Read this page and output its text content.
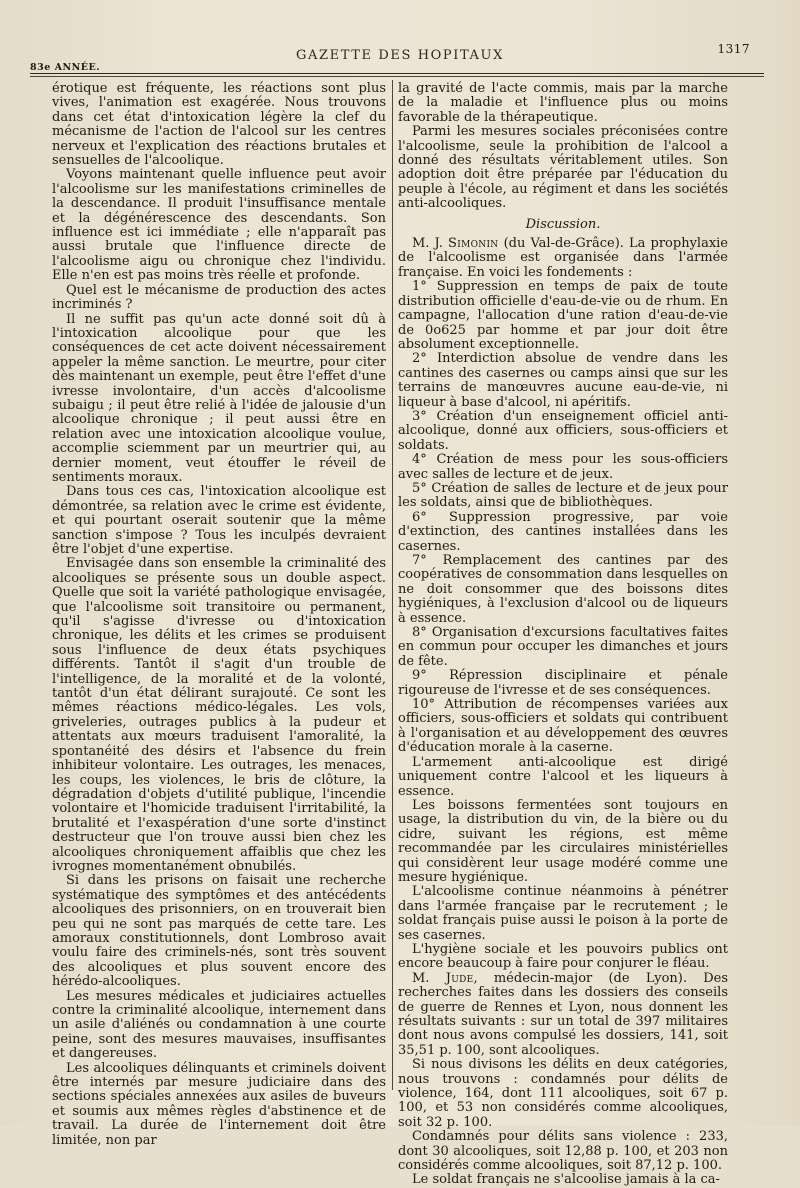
83e ANNÉE.
GAZETTE DES HOPITAUX	1317

érotique est fréquente, les réactions sont plus vives, l'animation est exagérée. Nous trouvons dans cet état d'intoxication légère la clef du mécanisme de l'action de l'alcool sur les centres nerveux et l'explication des réactions brutales et sensuelles de l'alcoolique.

Voyons maintenant quelle influence peut avoir l'alcoolisme sur les manifestations criminelles de la descendance. Il produit l'insuffisance mentale et la dégénérescence des descendants. Son influence est ici immédiate ; elle n'apparaît pas aussi brutale que l'influence directe de l'alcoolisme aigu ou chronique chez l'individu. Elle n'en est pas moins très réelle et profonde.

Quel est le mécanisme de production des actes incriminés ?

Il ne suffit pas qu'un acte donné soit dû à l'intoxication alcoolique pour que les conséquences de cet acte doivent nécessairement appeler la même sanction. Le meurtre, pour citer dès maintenant un exemple, peut être l'effet d'une ivresse involontaire, d'un accès d'alcoolisme subaigu ; il peut être relié à l'idée de jalousie d'un alcoolique chronique ; il peut aussi être en relation avec une intoxication alcoolique voulue, accomplie sciemment par un meurtrier qui, au dernier moment, veut étouffer le réveil de sentiments moraux.

Dans tous ces cas, l'intoxication alcoolique est démontrée, sa relation avec le crime est évidente, et qui pourtant oserait soutenir que la même sanction s'impose ? Tous les inculpés devraient être l'objet d'une expertise.

Envisagée dans son ensemble la criminalité des alcooliques se présente sous un double aspect. Quelle que soit la variété pathologique envisagée, que l'alcoolisme soit transitoire ou permanent, qu'il s'agisse d'ivresse ou d'intoxication chronique, les délits et les crimes se produisent sous l'influence de deux états psychiques différents. Tantôt il s'agit d'un trouble de l'intelligence, de la moralité et de la volonté, tantôt d'un état délirant surajouté. Ce sont les mêmes réactions médico-légales. Les vols, griveleries, outrages publics à la pudeur et attentats aux mœurs traduisent l'amoralité, la spontanéité des désirs et l'absence du frein inhibiteur volontaire. Les outrages, les menaces, les coups, les violences, le bris de clôture, la dégradation d'objets d'utilité publique, l'incendie volontaire et l'homicide traduisent l'irritabilité, la brutalité et l'exaspération d'une sorte d'instinct destructeur que l'on trouve aussi bien chez les alcooliques chroniquement affaiblis que chez les ivrognes momentanément obnubilés.

Si dans les prisons on faisait une recherche systématique des symptômes et des antécédents alcooliques des prisonniers, on en trouverait bien peu qui ne sont pas marqués de cette tare. Les amoraux constitutionnels, dont Lombroso avait voulu faire des criminels-nés, sont très souvent des alcooliques et plus souvent encore des hérédo-alcooliques.

Les mesures médicales et judiciaires actuelles contre la criminalité alcoolique, internement dans un asile d'aliénés ou condamnation à une courte peine, sont des mesures mauvaises, insuffisantes et dangereuses.

Les alcooliques délinquants et criminels doivent être internés par mesure judiciaire dans des sections spéciales annexées aux asiles de buveurs et soumis aux mêmes règles d'abstinence et de travail. La durée de l'internement doit être limitée, non par

la gravité de l'acte commis, mais par la marche de la maladie et l'influence plus ou moins favorable de la thérapeutique.

Parmi les mesures sociales préconisées contre l'alcoolisme, seule la prohibition de l'alcool a donné des résultats véritablement utiles. Son adoption doit être préparée par l'éducation du peuple à l'école, au régiment et dans les sociétés anti-alcooliques.

Discussion.

M. J. Simonin (du Val-de-Grâce). La prophylaxie de l'alcoolisme est organisée dans l'armée française. En voici les fondements :

1° Suppression en temps de paix de toute distribution officielle d'eau-de-vie ou de rhum. En campagne, l'allocation d'une ration d'eau-de-vie de 0o625 par homme et par jour doit être absolument exceptionnelle.

2° Interdiction absolue de vendre dans les cantines des casernes ou camps ainsi que sur les terrains de manœuvres aucune eau-de-vie, ni liqueur à base d'alcool, ni apéritifs.

3° Création d'un enseignement officiel anti-alcoolique, donné aux officiers, sous-officiers et soldats.

4° Création de mess pour les sous-officiers avec salles de lecture et de jeux.

5° Création de salles de lecture et de jeux pour les soldats, ainsi que de bibliothèques.

6° Suppression progressive, par voie d'extinction, des cantines installées dans les casernes.

7° Remplacement des cantines par des coopératives de consommation dans lesquelles on ne doit consommer que des boissons dites hygiéniques, à l'exclusion d'alcool ou de liqueurs à essence.

8° Organisation d'excursions facultatives faites en commun pour occuper les dimanches et jours de fête.

9° Répression disciplinaire et pénale rigoureuse de l'ivresse et de ses conséquences.

10° Attribution de récompenses variées aux officiers, sous-officiers et soldats qui contribuent à l'organisation et au développement des œuvres d'éducation morale à la caserne.

L'armement anti-alcoolique est dirigé uniquement contre l'alcool et les liqueurs à essence.

Les boissons fermentées sont toujours en usage, la distribution du vin, de la bière ou du cidre, suivant les régions, est même recommandée par les circulaires ministérielles qui considèrent leur usage modéré comme une mesure hygiénique.

L'alcoolisme continue néanmoins à pénétrer dans l'armée française par le recrutement ; le soldat français puise aussi le poison à la porte de ses casernes.

L'hygiène sociale et les pouvoirs publics ont encore beaucoup à faire pour conjurer le fléau.

M. Jude, médecin-major (de Lyon). Des recherches faites dans les dossiers des conseils de guerre de Rennes et Lyon, nous donnent les résultats suivants : sur un total de 397 militaires dont nous avons compulsé les dossiers, 141, soit 35,51 p. 100, sont alcooliques.

Si nous divisons les délits en deux catégories, nous trouvons : condamnés pour délits de violence, 164, dont 111 alcooliques, soit 67 p. 100, et 53 non considérés comme alcooliques, soit 32 p. 100.

Condamnés pour délits sans violence : 233, dont 30 alcooliques, soit 12,88 p. 100, et 203 non considérés comme alcooliques, soit 87,12 p. 100.

Le soldat français ne s'alcoolise jamais à la ca-
